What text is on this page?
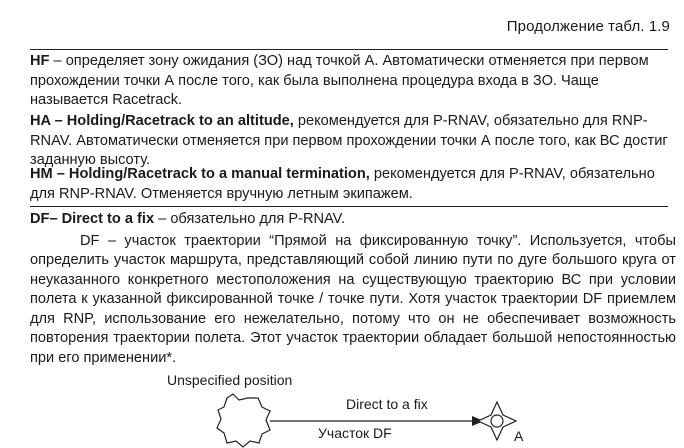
Продолжение табл. 1.9

HF – определяет зону ожидания (ЗО) над точкой А. Автоматически отменяется при первом прохождении точки А после того, как была выполнена процедура входа в ЗО. Чаще называется Racetrack.

HA – Holding/Racetrack to an altitude, рекомендуется для P-RNAV, обязательно для RNP-RNAV. Автоматически отменяется при первом прохождении точки А после того, как ВС достиг заданную высоту.

HM – Holding/Racetrack to a manual termination, рекомендуется для P-RNAV, обязательно для RNP-RNAV. Отменяется вручную летным экипажем.

DF– Direct to a fix – обязательно для P-RNAV.

DF – участок траектории “Прямой на фиксированную точку”. Используется, чтобы определить участок маршрута, представляющий собой линию пути по дуге большого круга от неуказанного конкретного местоположения на существующую траекторию ВС при условии полета к указанной фиксированной точке / точке пути. Хотя участок траектории DF приемлем для RNP, использование его нежелательно, потому что он не обеспечивает возможность повторения траектории полета. Этот участок траектории обладает большой непостоянностью при его применении*.

Unspecified position
Direct to a fix
Участок DF	A
